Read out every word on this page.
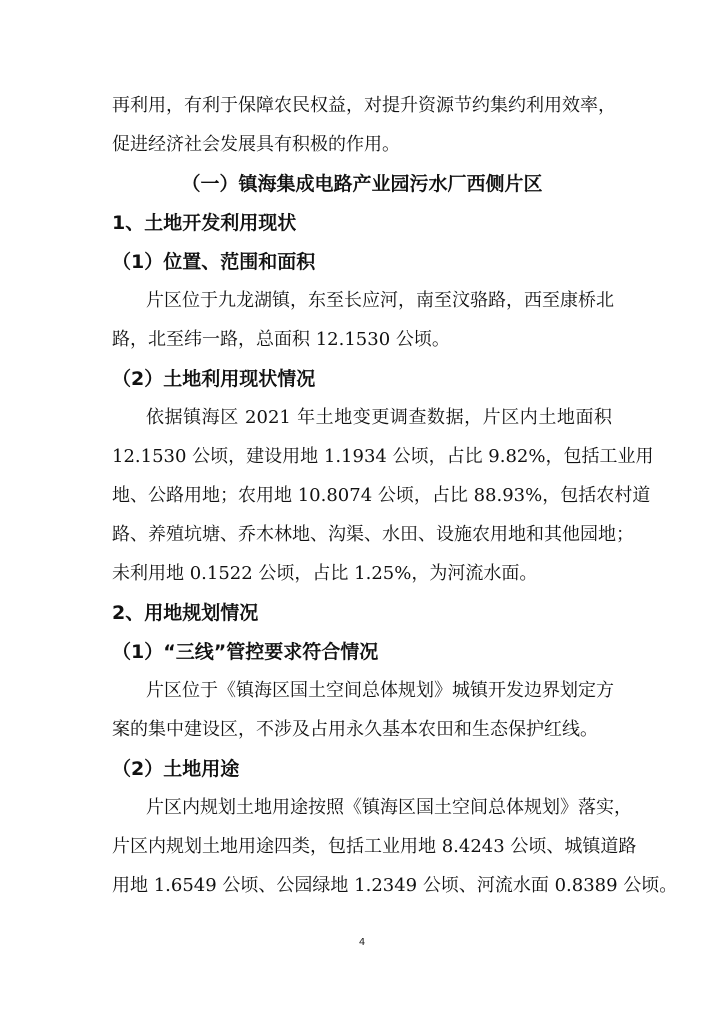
再利用，有利于保障农民权益，对提升资源节约集约利用效率，
促进经济社会发展具有积极的作用。
（一）镇海集成电路产业园污水厂西侧片区
1、土地开发利用现状
（1）位置、范围和面积
片区位于九龙湖镇，东至长应河，南至汶骆路，西至康桥北
路，北至纬一路，总面积 12.1530 公顷。
（2）土地利用现状情况
依据镇海区 2021 年土地变更调查数据，片区内土地面积
12.1530 公顷，建设用地 1.1934 公顷，占比 9.82%，包括工业用
地、公路用地；农用地 10.8074 公顷，占比 88.93%，包括农村道
路、养殖坑塘、乔木林地、沟渠、水田、设施农用地和其他园地；
未利用地 0.1522 公顷，占比 1.25%，为河流水面。
2、用地规划情况
（1）“三线”管控要求符合情况
片区位于《镇海区国土空间总体规划》城镇开发边界划定方
案的集中建设区，不涉及占用永久基本农田和生态保护红线。
（2）土地用途
片区内规划土地用途按照《镇海区国土空间总体规划》落实，
片区内规划土地用途四类，包括工业用地 8.4243 公顷、城镇道路
用地 1.6549 公顷、公园绿地 1.2349 公顷、河流水面 0.8389 公顷。
4
